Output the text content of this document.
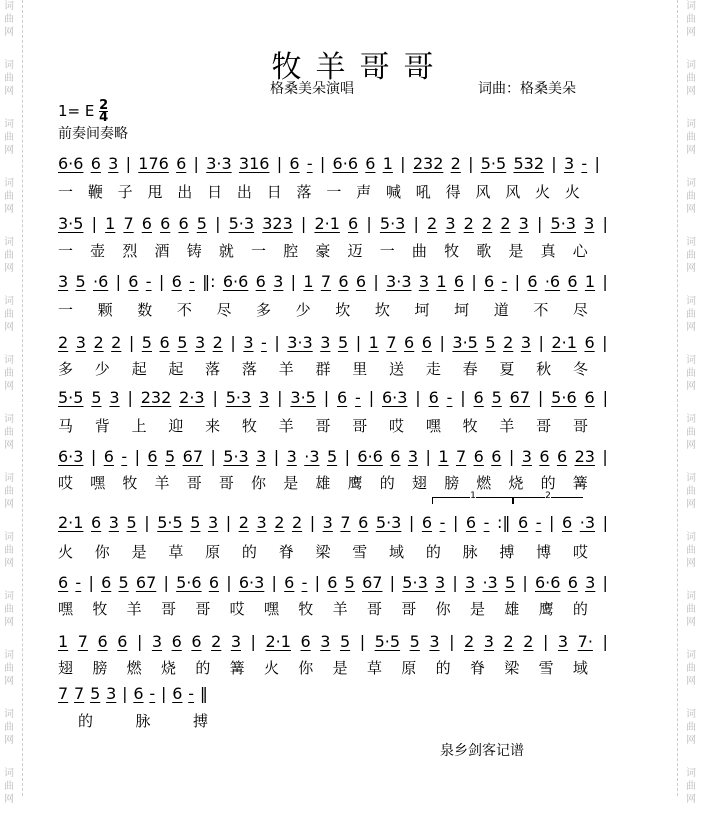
词
曲
网
词
曲
网
词
曲
网
词
曲
网
词
曲
网
词
曲
网
词
曲
网
词
曲
网
词
曲
网
词
曲
网
词
曲
网
词
曲
网
词
曲
网
词
曲
网
词
曲
网
词
曲
网
词
曲
网
词
曲
网
词
曲
网
词
曲
网
词
曲
网
词
曲
网
词
曲
网
词
曲
网
词
曲
网
词
曲
网
词
曲
网
词
曲
网
牧羊哥哥
格桑美朵演唱	词曲：格桑美朵
1= E $\frac{2}{4}$
前奏间奏略
6·6 6 3 | 176 6 | 3·3 316 | 6 - | 6·6 6 1 | 232 2 | 5·5 532 | 3 - |
一 鞭 子 甩 出 日 出 日 落 一 声 喊 吼 得 风 风 火 火
3·5 | 1 7 6 6 6 5 | 5·3 323 | 2·1 6 | 5·3 | 2 3 2 2 2 3 | 5·3 3 |
一 壶 烈 酒 铸 就 一 腔 豪 迈 一 曲 牧 歌 是 真 心
3 5 ·6 | 6 - | 6 - ‖: 6·6 6 3 | 1 7 6 6 | 3·3 3 1 6 | 6 - | 6 ·6 6 1 |
一 颗 数 不 尽 多 少 坎 坎 坷 坷 道 不 尽
2 3 2 2 | 5 6 5 3 2 | 3 - | 3·3 3 5 | 1 7 6 6 | 3·5 5 2 3 | 2·1 6 |
多 少 起 起 落 落 羊 群 里 送 走 春 夏 秋 冬
5·5 5 3 | 232 2·3 | 5·3 3 | 3·5 | 6 - | 6·3 | 6 - | 6 5 67 | 5·6 6 |
马 背 上 迎 来 牧 羊 哥 哥 哎 嘿 牧 羊 哥 哥
6·3 | 6 - | 6 5 67 | 5·3 3 | 3 ·3 5 | 6·6 6 3 | 1 7 6 6 | 3 6 6 23 |
哎 嘿 牧 羊 哥 哥 你 是 雄 鹰 的 翅 膀 燃 烧 的 篝
2·1 6 3 5 | 5·5 5 3 | 2 3 2 2 | 3 7 6 5·3 | 6 - | 6 - :‖ 6 - | 6 ·3 |
火 你 是 草 原 的 脊 梁 雪 域 的 脉 搏 博 哎
6 - | 6 5 67 | 5·6 6 | 6·3 | 6 - | 6 5 67 | 5·3 3 | 3 ·3 5 | 6·6 6 3 |
嘿 牧 羊 哥 哥 哎 嘿 牧 羊 哥 哥 你 是 雄 鹰 的
1 7 6 6 | 3 6 6 2 3 | 2·1 6 3 5 | 5·5 5 3 | 2 3 2 2 | 3 7· |
翅 膀 燃 烧 的 篝 火 你 是 草 原 的 脊 梁 雪 域
7 7 5 3 | 6 - | 6 - ‖
的	脉	搏
1	2
泉乡剑客记谱
